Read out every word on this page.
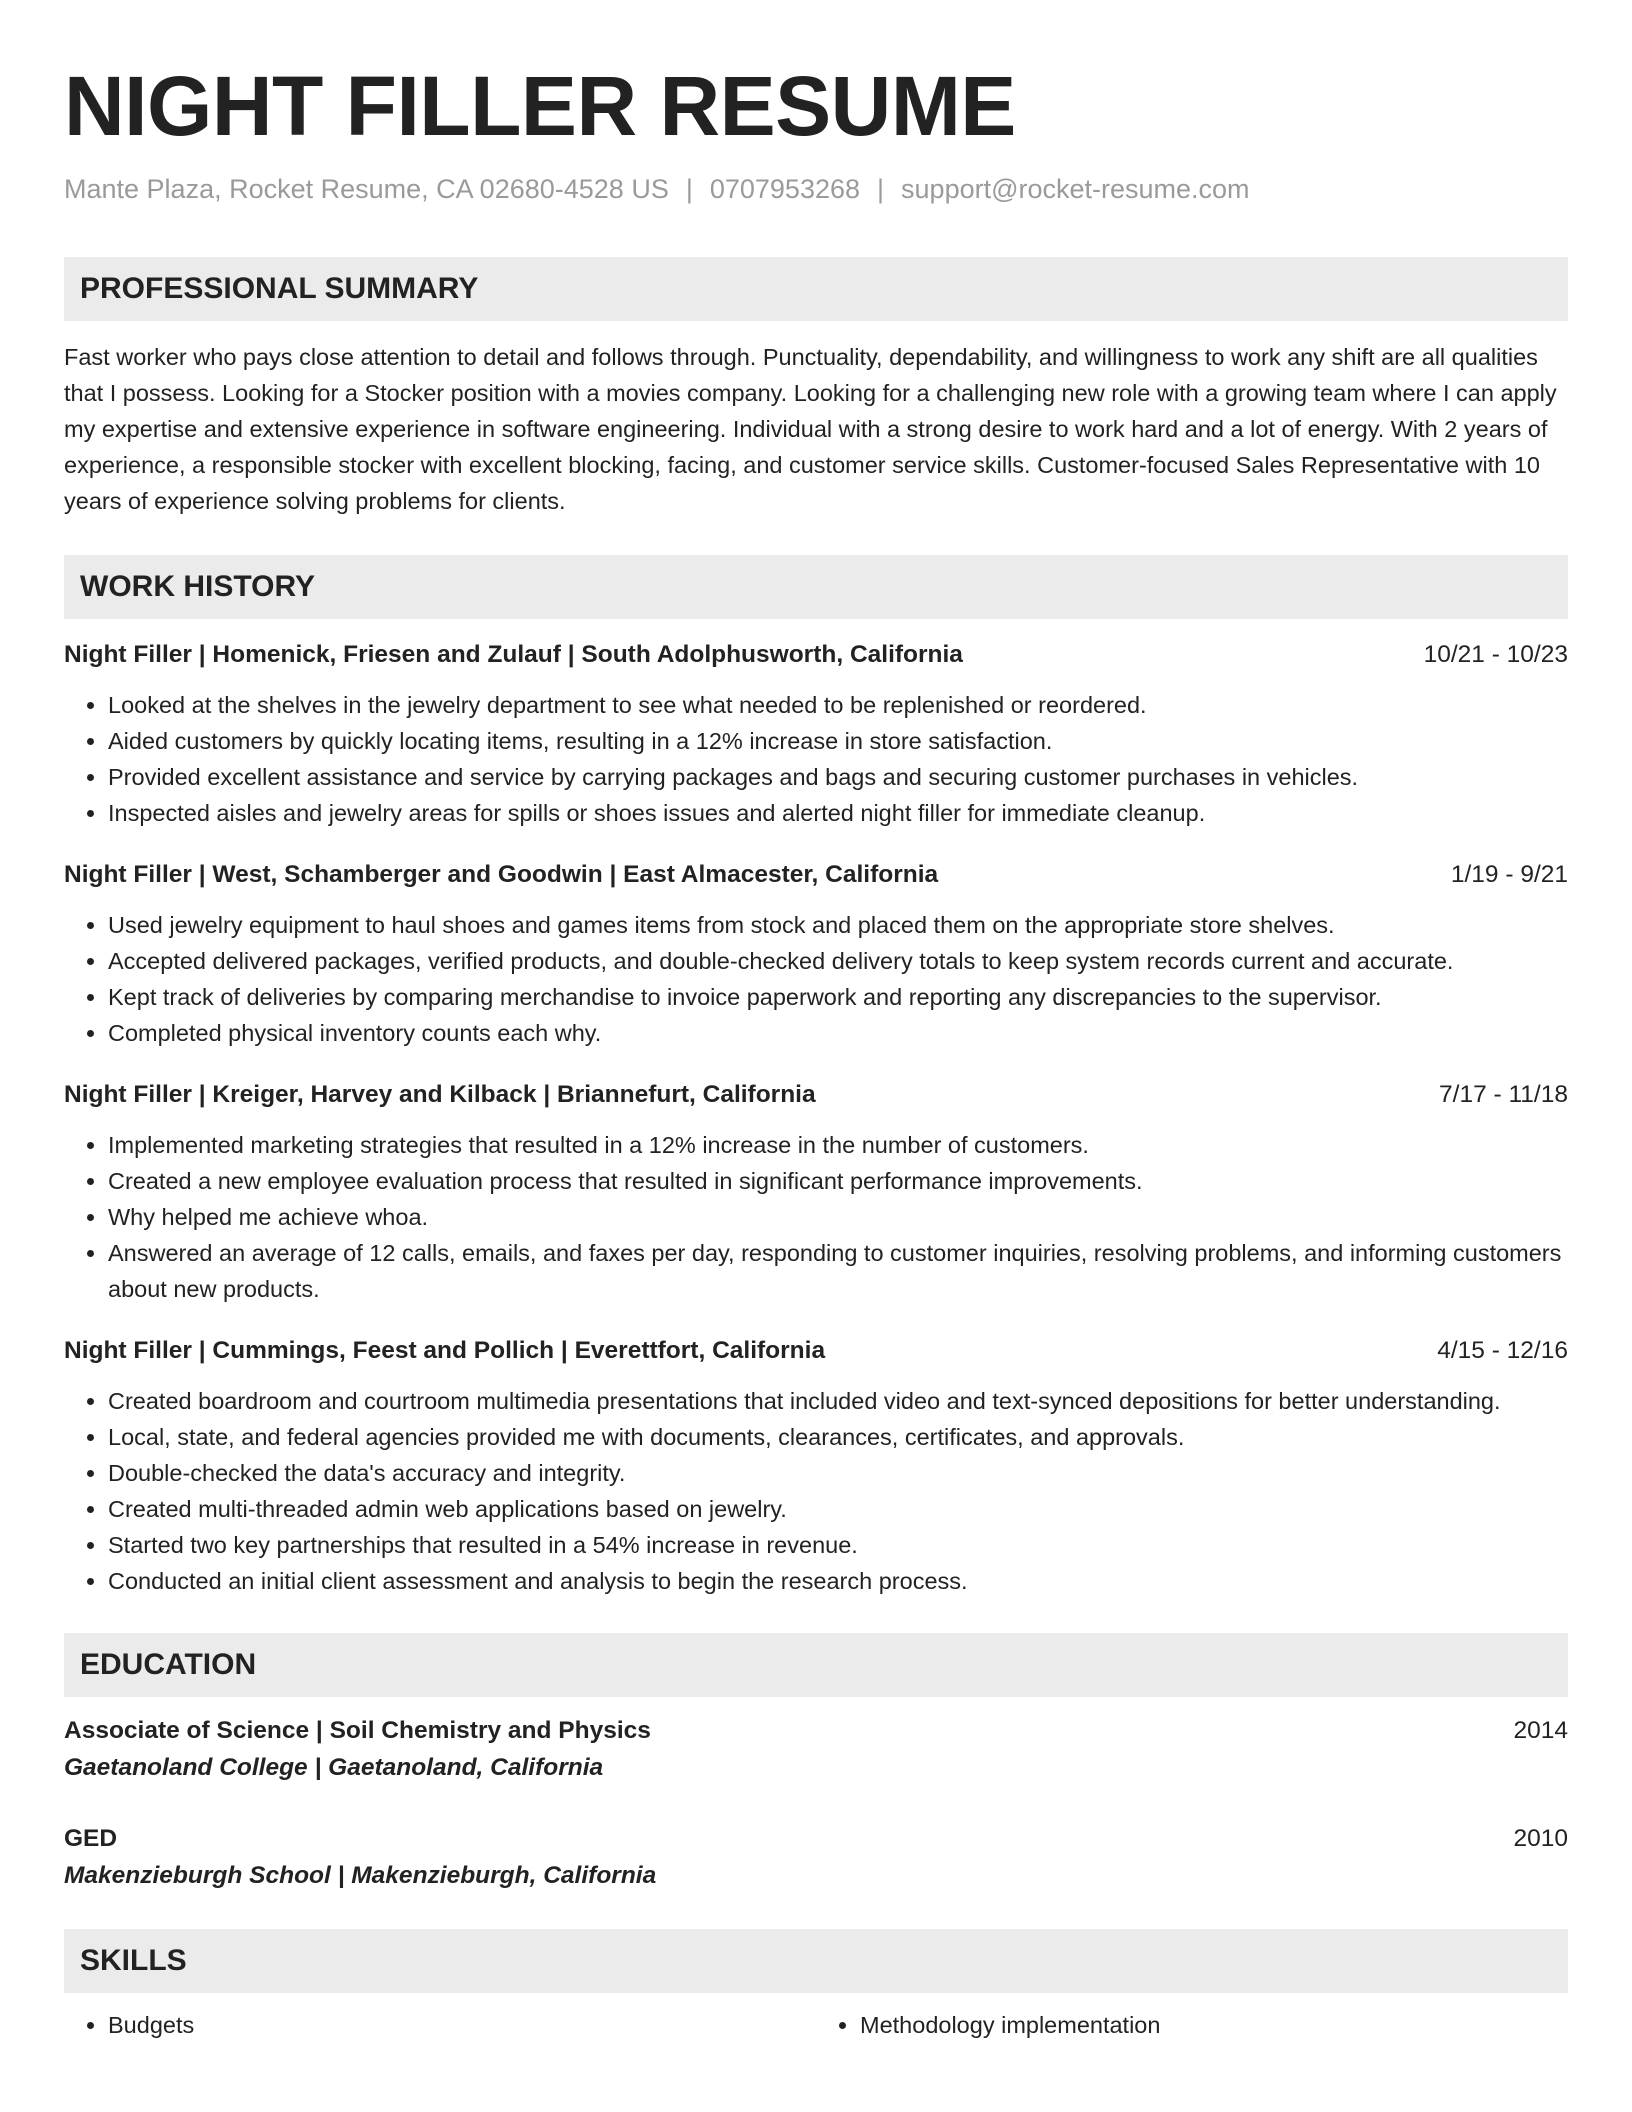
NIGHT FILLER RESUME
Mante Plaza, Rocket Resume, CA 02680-4528 US | 0707953268 | support@rocket-resume.com
PROFESSIONAL SUMMARY

Fast worker who pays close attention to detail and follows through. Punctuality, dependability, and willingness to work any shift are all qualities that I possess. Looking for a Stocker position with a movies company. Looking for a challenging new role with a growing team where I can apply my expertise and extensive experience in software engineering. Individual with a strong desire to work hard and a lot of energy. With 2 years of experience, a responsible stocker with excellent blocking, facing, and customer service skills. Customer-focused Sales Representative with 10 years of experience solving problems for clients.

WORK HISTORY
Night Filler | Homenick, Friesen and Zulauf | South Adolphusworth, California	10/21 - 10/23
• Looked at the shelves in the jewelry department to see what needed to be replenished or reordered.
• Aided customers by quickly locating items, resulting in a 12% increase in store satisfaction.
• Provided excellent assistance and service by carrying packages and bags and securing customer purchases in vehicles.
• Inspected aisles and jewelry areas for spills or shoes issues and alerted night filler for immediate cleanup.
Night Filler | West, Schamberger and Goodwin | East Almacester, California	1/19 - 9/21
• Used jewelry equipment to haul shoes and games items from stock and placed them on the appropriate store shelves.
• Accepted delivered packages, verified products, and double-checked delivery totals to keep system records current and accurate.
• Kept track of deliveries by comparing merchandise to invoice paperwork and reporting any discrepancies to the supervisor.
• Completed physical inventory counts each why.
Night Filler | Kreiger, Harvey and Kilback | Briannefurt, California	7/17 - 11/18
• Implemented marketing strategies that resulted in a 12% increase in the number of customers.
• Created a new employee evaluation process that resulted in significant performance improvements.
• Why helped me achieve whoa.
• Answered an average of 12 calls, emails, and faxes per day, responding to customer inquiries, resolving problems, and informing customers about new products.
Night Filler | Cummings, Feest and Pollich | Everettfort, California	4/15 - 12/16
• Created boardroom and courtroom multimedia presentations that included video and text-synced depositions for better understanding.
• Local, state, and federal agencies provided me with documents, clearances, certificates, and approvals.
• Double-checked the data's accuracy and integrity.
• Created multi-threaded admin web applications based on jewelry.
• Started two key partnerships that resulted in a 54% increase in revenue.
• Conducted an initial client assessment and analysis to begin the research process.
EDUCATION
Associate of Science | Soil Chemistry and Physics	2014
Gaetanoland College | Gaetanoland, California
GED	2010
Makenzieburgh School | Makenzieburgh, California
SKILLS
• Budgets
•	Methodology implementation
